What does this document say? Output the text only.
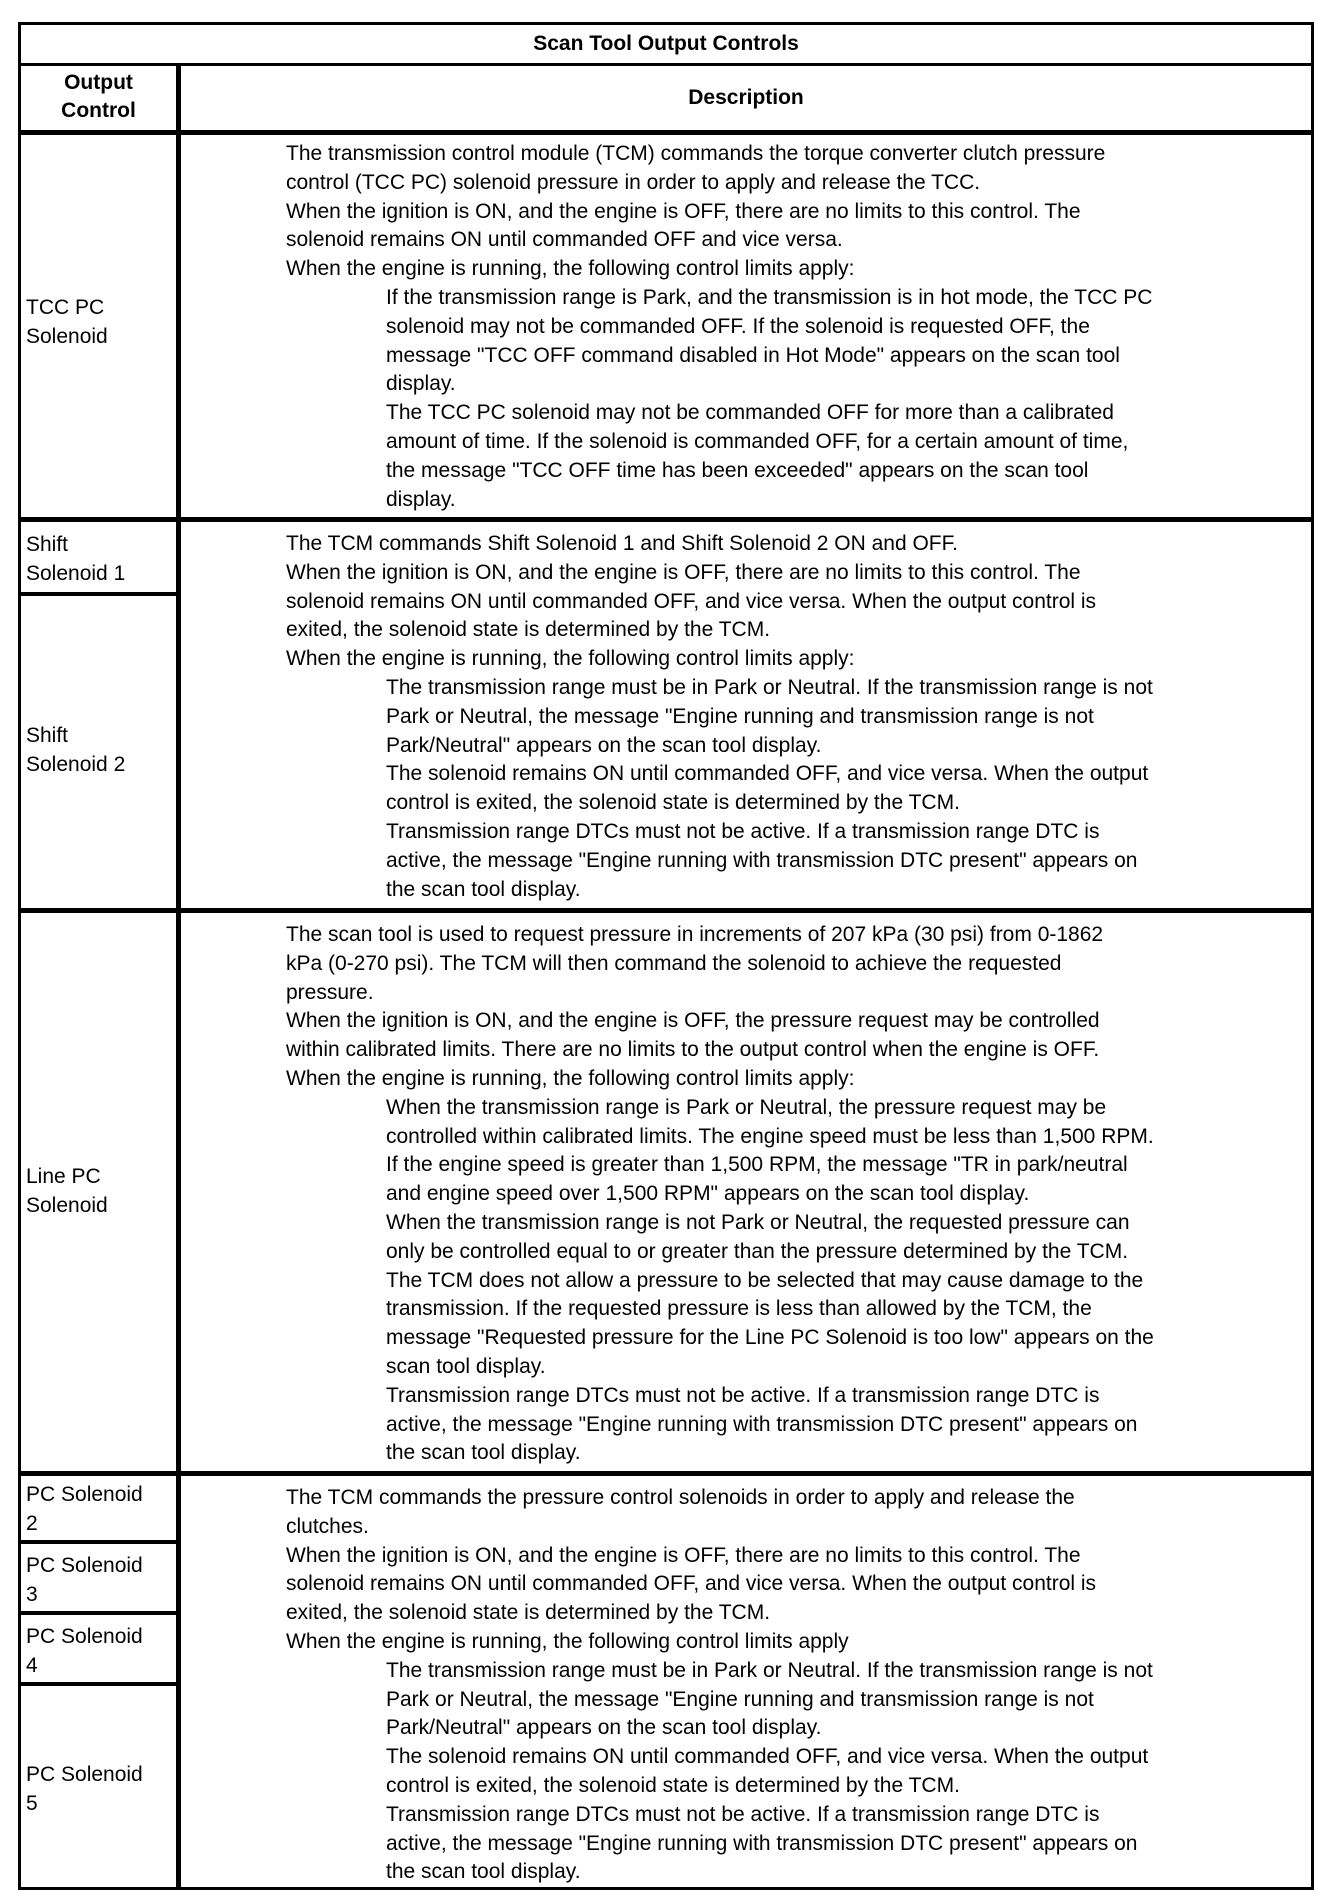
Scan Tool Output Controls
Output
Control
Description
TCC PC
Solenoid

The transmission control module (TCM) commands the torque converter clutch pressure

control (TCC PC) solenoid pressure in order to apply and release the TCC.

When the ignition is ON, and the engine is OFF, there are no limits to this control. The

solenoid remains ON until commanded OFF and vice versa.

When the engine is running, the following control limits apply:

If the transmission range is Park, and the transmission is in hot mode, the TCC PC

solenoid may not be commanded OFF. If the solenoid is requested OFF, the

message "TCC OFF command disabled in Hot Mode" appears on the scan tool

display.

The TCC PC solenoid may not be commanded OFF for more than a calibrated

amount of time. If the solenoid is commanded OFF, for a certain amount of time,

the message "TCC OFF time has been exceeded" appears on the scan tool

display.

Shift
Solenoid 1
Shift
Solenoid 2

The TCM commands Shift Solenoid 1 and Shift Solenoid 2 ON and OFF.

When the ignition is ON, and the engine is OFF, there are no limits to this control. The

solenoid remains ON until commanded OFF, and vice versa. When the output control is

exited, the solenoid state is determined by the TCM.

When the engine is running, the following control limits apply:

The transmission range must be in Park or Neutral. If the transmission range is not

Park or Neutral, the message "Engine running and transmission range is not

Park/Neutral" appears on the scan tool display.

The solenoid remains ON until commanded OFF, and vice versa. When the output

control is exited, the solenoid state is determined by the TCM.

Transmission range DTCs must not be active. If a transmission range DTC is

active, the message "Engine running with transmission DTC present" appears on

the scan tool display.

Line PC
Solenoid

The scan tool is used to request pressure in increments of 207 kPa (30 psi) from 0-1862

kPa (0-270 psi). The TCM will then command the solenoid to achieve the requested

pressure.

When the ignition is ON, and the engine is OFF, the pressure request may be controlled

within calibrated limits. There are no limits to the output control when the engine is OFF.

When the engine is running, the following control limits apply:

When the transmission range is Park or Neutral, the pressure request may be

controlled within calibrated limits. The engine speed must be less than 1,500 RPM.

If the engine speed is greater than 1,500 RPM, the message "TR in park/neutral

and engine speed over 1,500 RPM" appears on the scan tool display.

When the transmission range is not Park or Neutral, the requested pressure can

only be controlled equal to or greater than the pressure determined by the TCM.

The TCM does not allow a pressure to be selected that may cause damage to the

transmission. If the requested pressure is less than allowed by the TCM, the

message "Requested pressure for the Line PC Solenoid is too low" appears on the

scan tool display.

Transmission range DTCs must not be active. If a transmission range DTC is

active, the message "Engine running with transmission DTC present" appears on

the scan tool display.

PC Solenoid
2
PC Solenoid
3
PC Solenoid
4
PC Solenoid
5

The TCM commands the pressure control solenoids in order to apply and release the

clutches.

When the ignition is ON, and the engine is OFF, there are no limits to this control. The

solenoid remains ON until commanded OFF, and vice versa. When the output control is

exited, the solenoid state is determined by the TCM.

When the engine is running, the following control limits apply

The transmission range must be in Park or Neutral. If the transmission range is not

Park or Neutral, the message "Engine running and transmission range is not

Park/Neutral" appears on the scan tool display.

The solenoid remains ON until commanded OFF, and vice versa. When the output

control is exited, the solenoid state is determined by the TCM.

Transmission range DTCs must not be active. If a transmission range DTC is

active, the message "Engine running with transmission DTC present" appears on

the scan tool display.
